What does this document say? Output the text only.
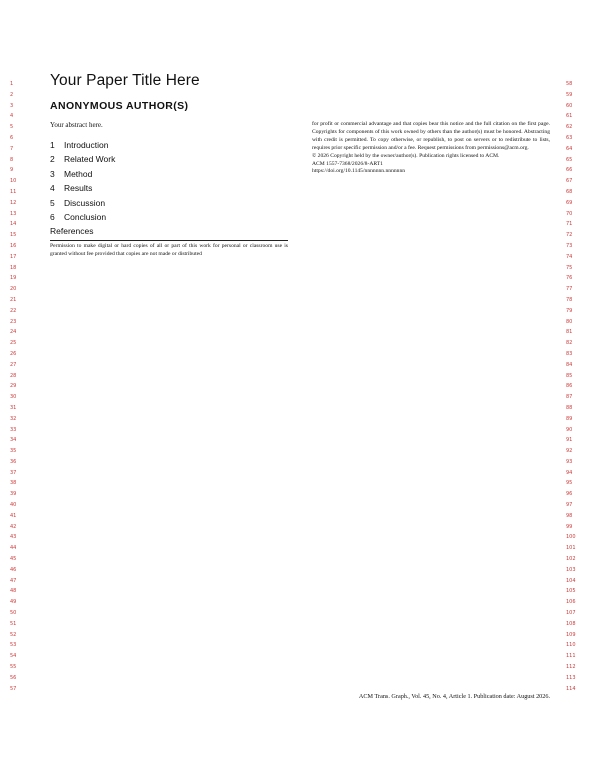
1
2
3
4
5
6
7
8
9
10
11
12
13
14
15
16
17
18
19
20
21
22
23
24
25
26
27
28
29
30
31
32
33
34
35
36
37
38
39
40
41
42
43
44
45
46
47
48
49
50
51
52
53
54
55
56
57
58
59
60
61
62
63
64
65
66
67
68
69
70
71
72
73
74
75
76
77
78
79
80
81
82
83
84
85
86
87
88
89
90
91
92
93
94
95
96
97
98
99
100
101
102
103
104
105
106
107
108
109
110
111
112
113
114
Your Paper Title Here
ANONYMOUS AUTHOR(S)

Your abstract here.

1	Introduction
2	Related Work
3	Method
4	Results
5	Discussion
6	Conclusion
References

Permission to make digital or hard copies of all or part of this work for personal or classroom use is granted without fee provided that copies are not made or distributed

for profit or commercial advantage and that copies bear this notice and the full citation on the first page. Copyrights for components of this work owned by others than the author(s) must be honored. Abstracting with credit is permitted. To copy otherwise, or republish, to post on servers or to redistribute to lists, requires prior specific permission and/or a fee. Request permissions from permissions@acm.org.

© 2026 Copyright held by the owner/author(s). Publication rights licensed to ACM.

ACM 1557-7368/2026/8-ART1

https://doi.org/10.1145/nnnnnnn.nnnnnnn

ACM Trans. Graph., Vol. 45, No. 4, Article 1. Publication date: August 2026.
